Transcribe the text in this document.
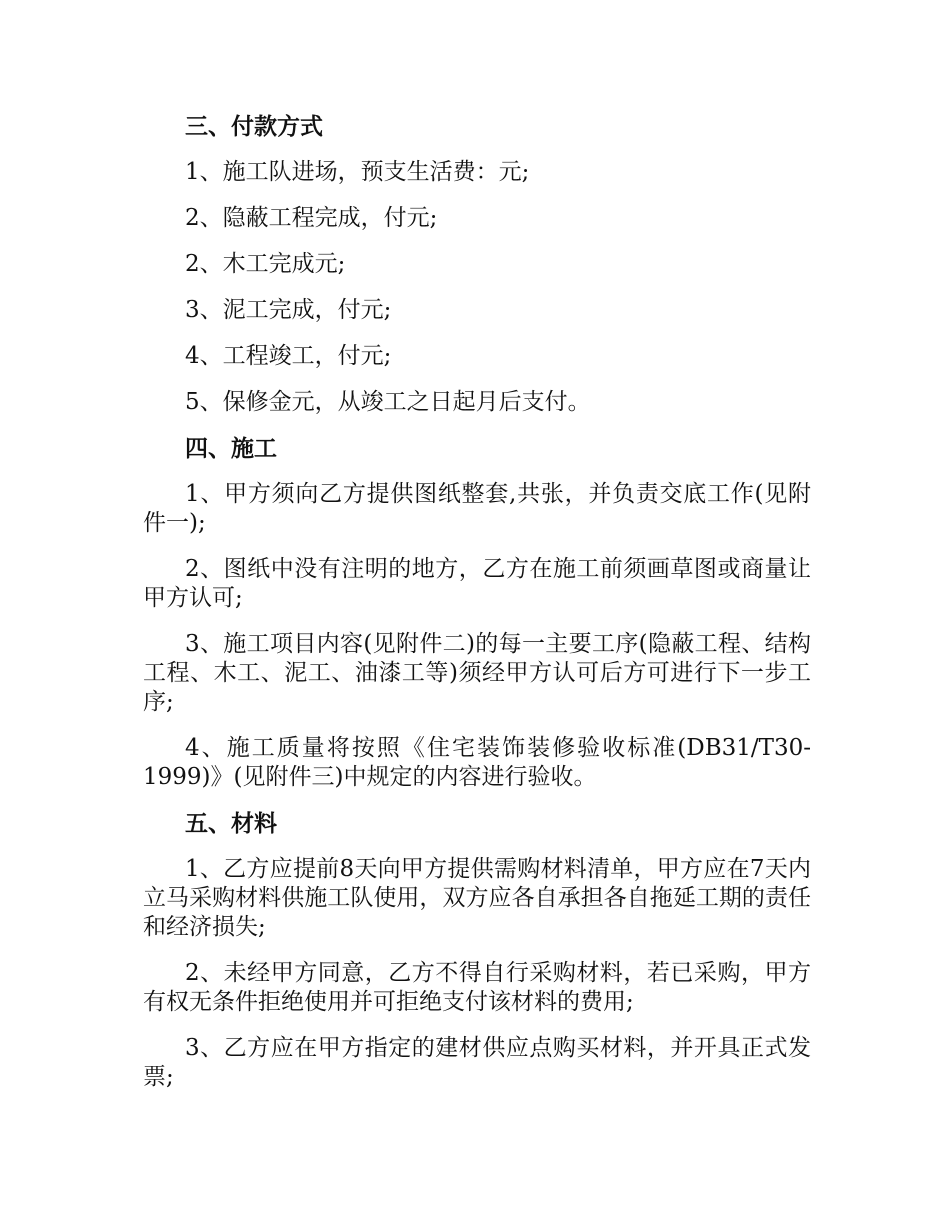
三、付款方式
1、施工队进场，预支生活费：元;
2、隐蔽工程完成，付元;
2、木工完成元;
3、泥工完成，付元;
4、工程竣工，付元;
5、保修金元，从竣工之日起月后支付。
四、施工
1、甲方须向乙方提供图纸整套,共张，并负责交底工作(见附件一);
2、图纸中没有注明的地方，乙方在施工前须画草图或商量让甲方认可;
3、施工项目内容(见附件二)的每一主要工序(隐蔽工程、结构工程、木工、泥工、油漆工等)须经甲方认可后方可进行下一步工序;
4、施工质量将按照《住宅装饰装修验收标准(DB31/T30-1999)》(见附件三)中规定的内容进行验收。
五、材料
1、乙方应提前8天向甲方提供需购材料清单，甲方应在7天内立马采购材料供施工队使用，双方应各自承担各自拖延工期的责任和经济损失;
2、未经甲方同意，乙方不得自行采购材料，若已采购，甲方有权无条件拒绝使用并可拒绝支付该材料的费用;
3、乙方应在甲方指定的建材供应点购买材料，并开具正式发票;
